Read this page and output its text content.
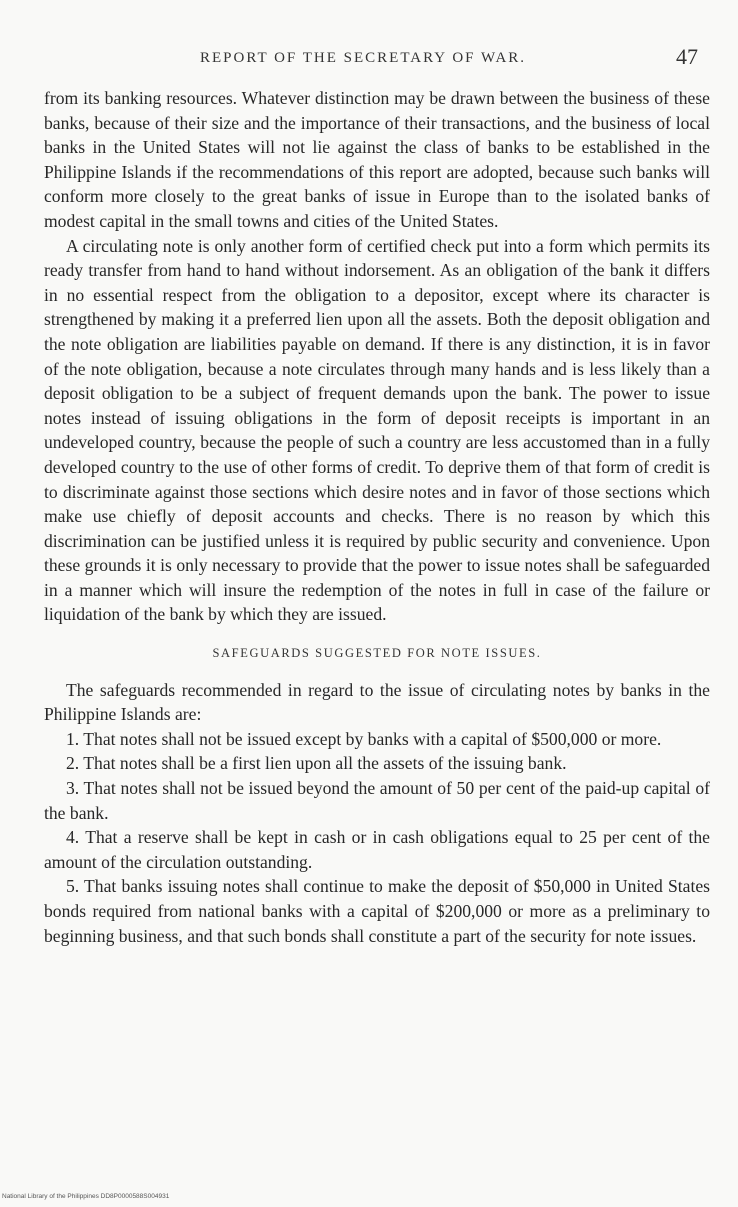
REPORT OF THE SECRETARY OF WAR.	47

from its banking resources. Whatever distinction may be drawn between the business of these banks, because of their size and the importance of their transactions, and the business of local banks in the United States will not lie against the class of banks to be established in the Philippine Islands if the recommendations of this report are adopted, because such banks will conform more closely to the great banks of issue in Europe than to the isolated banks of modest capital in the small towns and cities of the United States.

A circulating note is only another form of certified check put into a form which permits its ready transfer from hand to hand without indorsement. As an obligation of the bank it differs in no essential respect from the obligation to a depositor, except where its character is strengthened by making it a preferred lien upon all the assets. Both the deposit obligation and the note obligation are liabilities payable on demand. If there is any distinction, it is in favor of the note obligation, because a note circulates through many hands and is less likely than a deposit obligation to be a subject of frequent demands upon the bank. The power to issue notes instead of issuing obligations in the form of deposit receipts is important in an undeveloped country, because the people of such a country are less accustomed than in a fully developed country to the use of other forms of credit. To deprive them of that form of credit is to discriminate against those sections which desire notes and in favor of those sections which make use chiefly of deposit accounts and checks. There is no reason by which this discrimination can be justified unless it is required by public security and convenience. Upon these grounds it is only necessary to provide that the power to issue notes shall be safeguarded in a manner which will insure the redemption of the notes in full in case of the failure or liquidation of the bank by which they are issued.

SAFEGUARDS SUGGESTED FOR NOTE ISSUES.

The safeguards recommended in regard to the issue of circulating notes by banks in the Philippine Islands are:

1. That notes shall not be issued except by banks with a capital of $500,000 or more.

2. That notes shall be a first lien upon all the assets of the issuing bank.

3. That notes shall not be issued beyond the amount of 50 per cent of the paid-up capital of the bank.

4. That a reserve shall be kept in cash or in cash obligations equal to 25 per cent of the amount of the circulation outstanding.

5. That banks issuing notes shall continue to make the deposit of $50,000 in United States bonds required from national banks with a capital of $200,000 or more as a preliminary to beginning business, and that such bonds shall constitute a part of the security for note issues.

National Library of the Philippines DD8P0000588S004931
